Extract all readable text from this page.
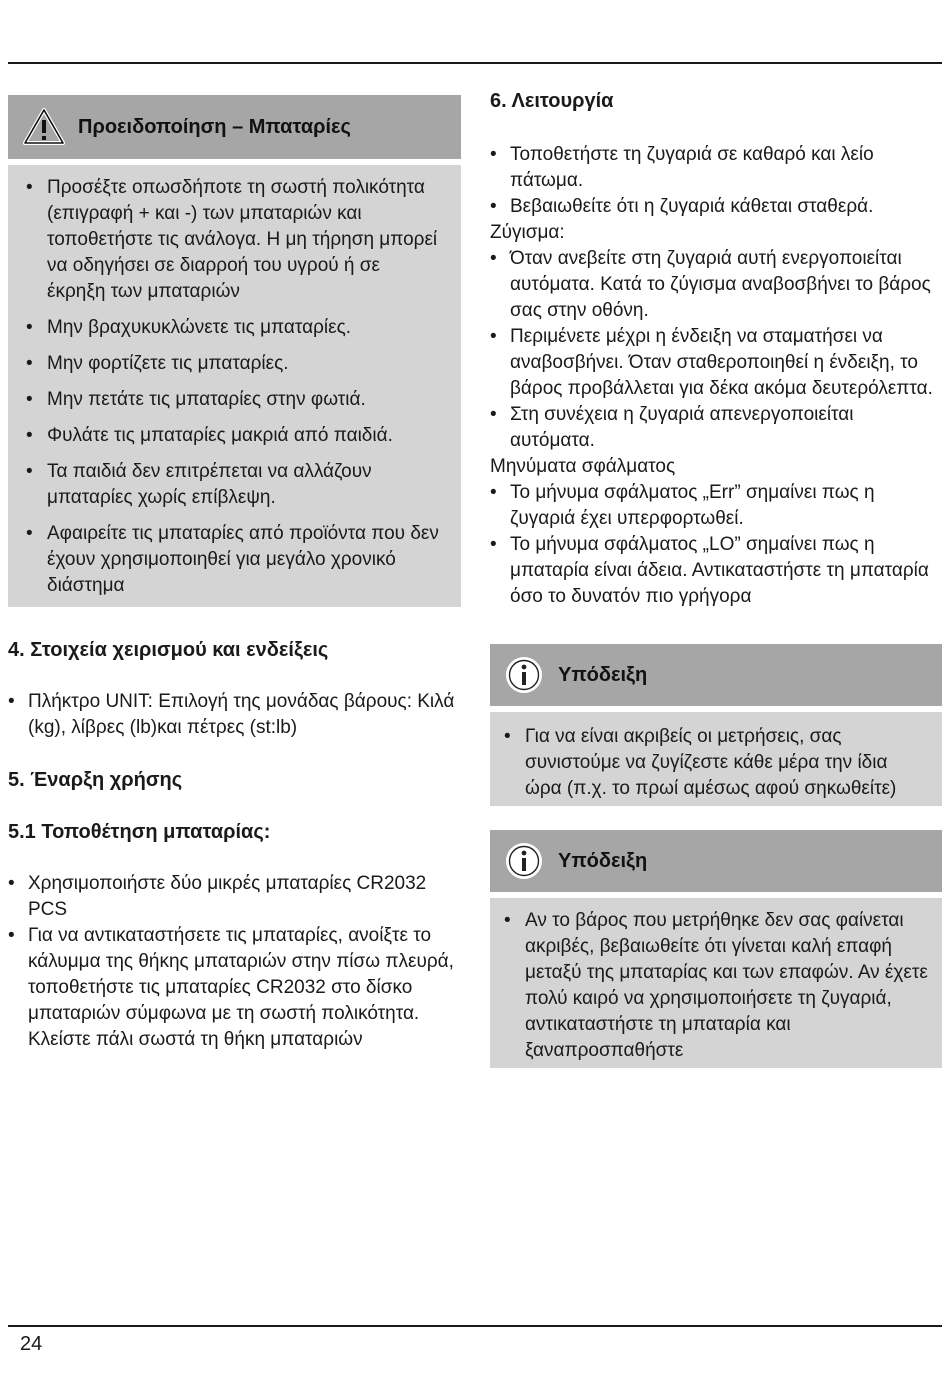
Προειδοποίηση – Μπαταρίες
• Προσέξτε οπωσδήποτε τη σωστή πολικότητα (επιγραφή + και -) των μπαταριών και τοποθετήστε τις ανάλογα. Η μη τήρηση μπορεί να οδηγήσει σε διαρροή του υγρού ή σε έκρηξη των μπαταριών
• Μην βραχυκυκλώνετε τις μπαταρίες.
• Μην φορτίζετε τις μπαταρίες.
• Μην πετάτε τις μπαταρίες στην φωτιά.
• Φυλάτε τις μπαταρίες μακριά από παιδιά.
• Τα παιδιά δεν επιτρέπεται να αλλάζουν μπαταρίες χωρίς επίβλεψη.
• Αφαιρείτε τις μπαταρίες από προϊόντα που δεν έχουν χρησιμοποιηθεί για μεγάλο χρονικό διάστημα
4. Στοιχεία χειρισμού και ενδείξεις
• Πλήκτρο UNIT: Επιλογή της μονάδας βάρους: Κιλά (kg), λίβρες (lb)και πέτρες (st:lb)
5. Έναρξη χρήσης
5.1 Τοποθέτηση μπαταρίας:
• Χρησιμοποιήστε δύο μικρές μπαταρίες CR2032 PCS
• Για να αντικαταστήσετε τις μπαταρίες, ανοίξτε το κάλυμμα της θήκης μπαταριών στην πίσω πλευρά, τοποθετήστε τις μπαταρίες CR2032 στο δίσκο μπαταριών σύμφωνα με τη σωστή πολικότητα. Κλείστε πάλι σωστά τη θήκη μπαταριών
6. Λειτουργία
• Τοποθετήστε τη ζυγαριά σε καθαρό και λείο πάτωμα.
• Βεβαιωθείτε ότι η ζυγαριά κάθεται σταθερά.

Ζύγισμα:

• Όταν ανεβείτε στη ζυγαριά αυτή ενεργοποιείται αυτόματα. Κατά το ζύγισμα αναβοσβήνει το βάρος σας στην οθόνη.
• Περιμένετε μέχρι η ένδειξη να σταματήσει να αναβοσβήνει. Όταν σταθεροποιηθεί η ένδειξη, το βάρος προβάλλεται για δέκα ακόμα δευτερόλεπτα.
• Στη συνέχεια η ζυγαριά απενεργοποιείται αυτόματα.

Μηνύματα σφάλματος

• Το μήνυμα σφάλματος „Err” σημαίνει πως η ζυγαριά έχει υπερφορτωθεί.
• Το μήνυμα σφάλματος „LO” σημαίνει πως η μπαταρία είναι άδεια. Αντικαταστήστε τη μπαταρία όσο το δυνατόν πιο γρήγορα
Υπόδειξη
• Για να είναι ακριβείς οι μετρήσεις, σας συνιστούμε να ζυγίζεστε κάθε μέρα την ίδια ώρα (π.χ. το πρωί αμέσως αφού σηκωθείτε)
Υπόδειξη
• Αν το βάρος που μετρήθηκε δεν σας φαίνεται ακριβές, βεβαιωθείτε ότι γίνεται καλή επαφή μεταξύ της μπαταρίας και των επαφών. Αν έχετε πολύ καιρό να χρησιμοποιήσετε τη ζυγαριά, αντικαταστήστε τη μπαταρία και ξαναπροσπαθήστε
24
